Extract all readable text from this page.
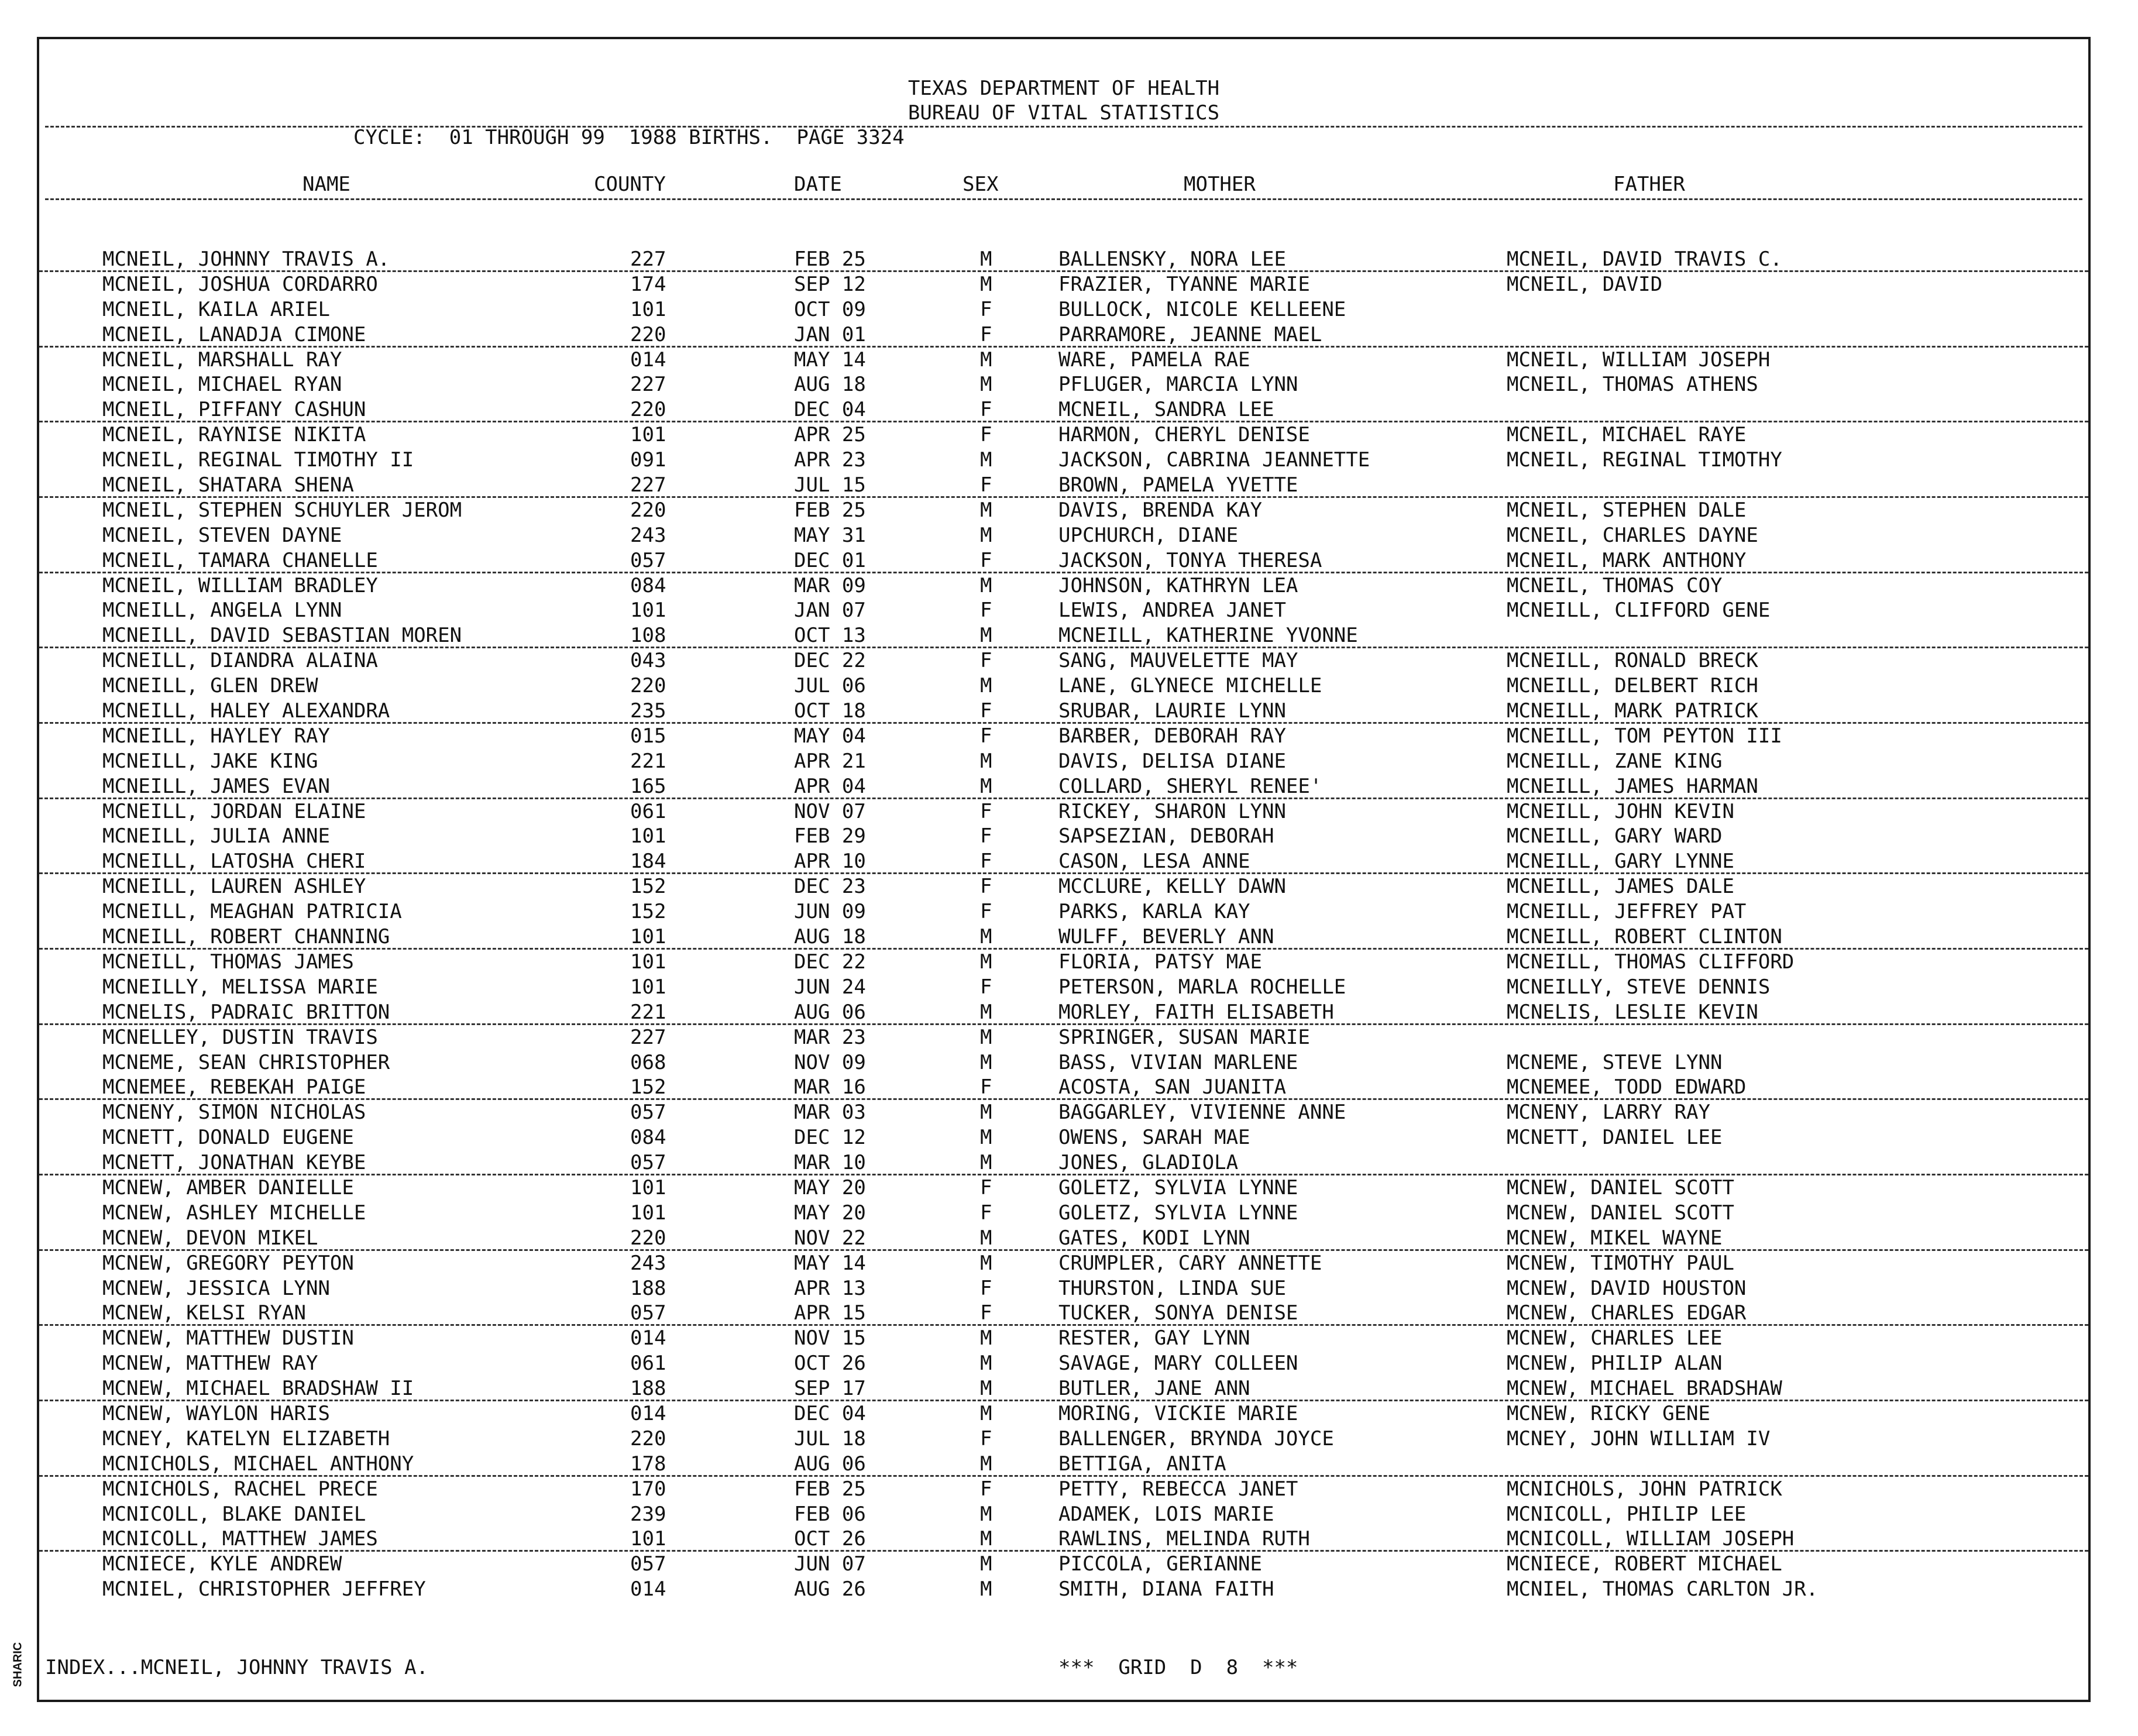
TEXAS DEPARTMENT OF HEALTH
BUREAU OF VITAL STATISTICS
CYCLE:  01 THROUGH 99  1988 BIRTHS.  PAGE 3324
NAME	COUNTY	DATE	SEX	MOTHER	FATHER
MCNEIL, JOHNNY TRAVIS A.	227	FEB 25	M	BALLENSKY, NORA LEE	MCNEIL, DAVID TRAVIS C.
MCNEIL, JOSHUA CORDARRO	174	SEP 12	M	FRAZIER, TYANNE MARIE	MCNEIL, DAVID
MCNEIL, KAILA ARIEL	101	OCT 09	F	BULLOCK, NICOLE KELLEENE
MCNEIL, LANADJA CIMONE	220	JAN 01	F	PARRAMORE, JEANNE MAEL
MCNEIL, MARSHALL RAY	014	MAY 14	M	WARE, PAMELA RAE	MCNEIL, WILLIAM JOSEPH
MCNEIL, MICHAEL RYAN	227	AUG 18	M	PFLUGER, MARCIA LYNN	MCNEIL, THOMAS ATHENS
MCNEIL, PIFFANY CASHUN	220	DEC 04	F	MCNEIL, SANDRA LEE
MCNEIL, RAYNISE NIKITA	101	APR 25	F	HARMON, CHERYL DENISE	MCNEIL, MICHAEL RAYE
MCNEIL, REGINAL TIMOTHY II	091	APR 23	M	JACKSON, CABRINA JEANNETTE	MCNEIL, REGINAL TIMOTHY
MCNEIL, SHATARA SHENA	227	JUL 15	F	BROWN, PAMELA YVETTE
MCNEIL, STEPHEN SCHUYLER JEROM	220	FEB 25	M	DAVIS, BRENDA KAY	MCNEIL, STEPHEN DALE
MCNEIL, STEVEN DAYNE	243	MAY 31	M	UPCHURCH, DIANE	MCNEIL, CHARLES DAYNE
MCNEIL, TAMARA CHANELLE	057	DEC 01	F	JACKSON, TONYA THERESA	MCNEIL, MARK ANTHONY
MCNEIL, WILLIAM BRADLEY	084	MAR 09	M	JOHNSON, KATHRYN LEA	MCNEIL, THOMAS COY
MCNEILL, ANGELA LYNN	101	JAN 07	F	LEWIS, ANDREA JANET	MCNEILL, CLIFFORD GENE
MCNEILL, DAVID SEBASTIAN MOREN	108	OCT 13	M	MCNEILL, KATHERINE YVONNE
MCNEILL, DIANDRA ALAINA	043	DEC 22	F	SANG, MAUVELETTE MAY	MCNEILL, RONALD BRECK
MCNEILL, GLEN DREW	220	JUL 06	M	LANE, GLYNECE MICHELLE	MCNEILL, DELBERT RICH
MCNEILL, HALEY ALEXANDRA	235	OCT 18	F	SRUBAR, LAURIE LYNN	MCNEILL, MARK PATRICK
MCNEILL, HAYLEY RAY	015	MAY 04	F	BARBER, DEBORAH RAY	MCNEILL, TOM PEYTON III
MCNEILL, JAKE KING	221	APR 21	M	DAVIS, DELISA DIANE	MCNEILL, ZANE KING
MCNEILL, JAMES EVAN	165	APR 04	M	COLLARD, SHERYL RENEE'	MCNEILL, JAMES HARMAN
MCNEILL, JORDAN ELAINE	061	NOV 07	F	RICKEY, SHARON LYNN	MCNEILL, JOHN KEVIN
MCNEILL, JULIA ANNE	101	FEB 29	F	SAPSEZIAN, DEBORAH	MCNEILL, GARY WARD
MCNEILL, LATOSHA CHERI	184	APR 10	F	CASON, LESA ANNE	MCNEILL, GARY LYNNE
MCNEILL, LAUREN ASHLEY	152	DEC 23	F	MCCLURE, KELLY DAWN	MCNEILL, JAMES DALE
MCNEILL, MEAGHAN PATRICIA	152	JUN 09	F	PARKS, KARLA KAY	MCNEILL, JEFFREY PAT
MCNEILL, ROBERT CHANNING	101	AUG 18	M	WULFF, BEVERLY ANN	MCNEILL, ROBERT CLINTON
MCNEILL, THOMAS JAMES	101	DEC 22	M	FLORIA, PATSY MAE	MCNEILL, THOMAS CLIFFORD
MCNEILLY, MELISSA MARIE	101	JUN 24	F	PETERSON, MARLA ROCHELLE	MCNEILLY, STEVE DENNIS
MCNELIS, PADRAIC BRITTON	221	AUG 06	M	MORLEY, FAITH ELISABETH	MCNELIS, LESLIE KEVIN
MCNELLEY, DUSTIN TRAVIS	227	MAR 23	M	SPRINGER, SUSAN MARIE
MCNEME, SEAN CHRISTOPHER	068	NOV 09	M	BASS, VIVIAN MARLENE	MCNEME, STEVE LYNN
MCNEMEE, REBEKAH PAIGE	152	MAR 16	F	ACOSTA, SAN JUANITA	MCNEMEE, TODD EDWARD
MCNENY, SIMON NICHOLAS	057	MAR 03	M	BAGGARLEY, VIVIENNE ANNE	MCNENY, LARRY RAY
MCNETT, DONALD EUGENE	084	DEC 12	M	OWENS, SARAH MAE	MCNETT, DANIEL LEE
MCNETT, JONATHAN KEYBE	057	MAR 10	M	JONES, GLADIOLA
MCNEW, AMBER DANIELLE	101	MAY 20	F	GOLETZ, SYLVIA LYNNE	MCNEW, DANIEL SCOTT
MCNEW, ASHLEY MICHELLE	101	MAY 20	F	GOLETZ, SYLVIA LYNNE	MCNEW, DANIEL SCOTT
MCNEW, DEVON MIKEL	220	NOV 22	M	GATES, KODI LYNN	MCNEW, MIKEL WAYNE
MCNEW, GREGORY PEYTON	243	MAY 14	M	CRUMPLER, CARY ANNETTE	MCNEW, TIMOTHY PAUL
MCNEW, JESSICA LYNN	188	APR 13	F	THURSTON, LINDA SUE	MCNEW, DAVID HOUSTON
MCNEW, KELSI RYAN	057	APR 15	F	TUCKER, SONYA DENISE	MCNEW, CHARLES EDGAR
MCNEW, MATTHEW DUSTIN	014	NOV 15	M	RESTER, GAY LYNN	MCNEW, CHARLES LEE
MCNEW, MATTHEW RAY	061	OCT 26	M	SAVAGE, MARY COLLEEN	MCNEW, PHILIP ALAN
MCNEW, MICHAEL BRADSHAW II	188	SEP 17	M	BUTLER, JANE ANN	MCNEW, MICHAEL BRADSHAW
MCNEW, WAYLON HARIS	014	DEC 04	M	MORING, VICKIE MARIE	MCNEW, RICKY GENE
MCNEY, KATELYN ELIZABETH	220	JUL 18	F	BALLENGER, BRYNDA JOYCE	MCNEY, JOHN WILLIAM IV
MCNICHOLS, MICHAEL ANTHONY	178	AUG 06	M	BETTIGA, ANITA
MCNICHOLS, RACHEL PRECE	170	FEB 25	F	PETTY, REBECCA JANET	MCNICHOLS, JOHN PATRICK
MCNICOLL, BLAKE DANIEL	239	FEB 06	M	ADAMEK, LOIS MARIE	MCNICOLL, PHILIP LEE
MCNICOLL, MATTHEW JAMES	101	OCT 26	M	RAWLINS, MELINDA RUTH	MCNICOLL, WILLIAM JOSEPH
MCNIECE, KYLE ANDREW	057	JUN 07	M	PICCOLA, GERIANNE	MCNIECE, ROBERT MICHAEL
MCNIEL, CHRISTOPHER JEFFREY	014	AUG 26	M	SMITH, DIANA FAITH	MCNIEL, THOMAS CARLTON JR.
INDEX...MCNEIL, JOHNNY TRAVIS A.	***  GRID  D  8  ***
SHARIC
